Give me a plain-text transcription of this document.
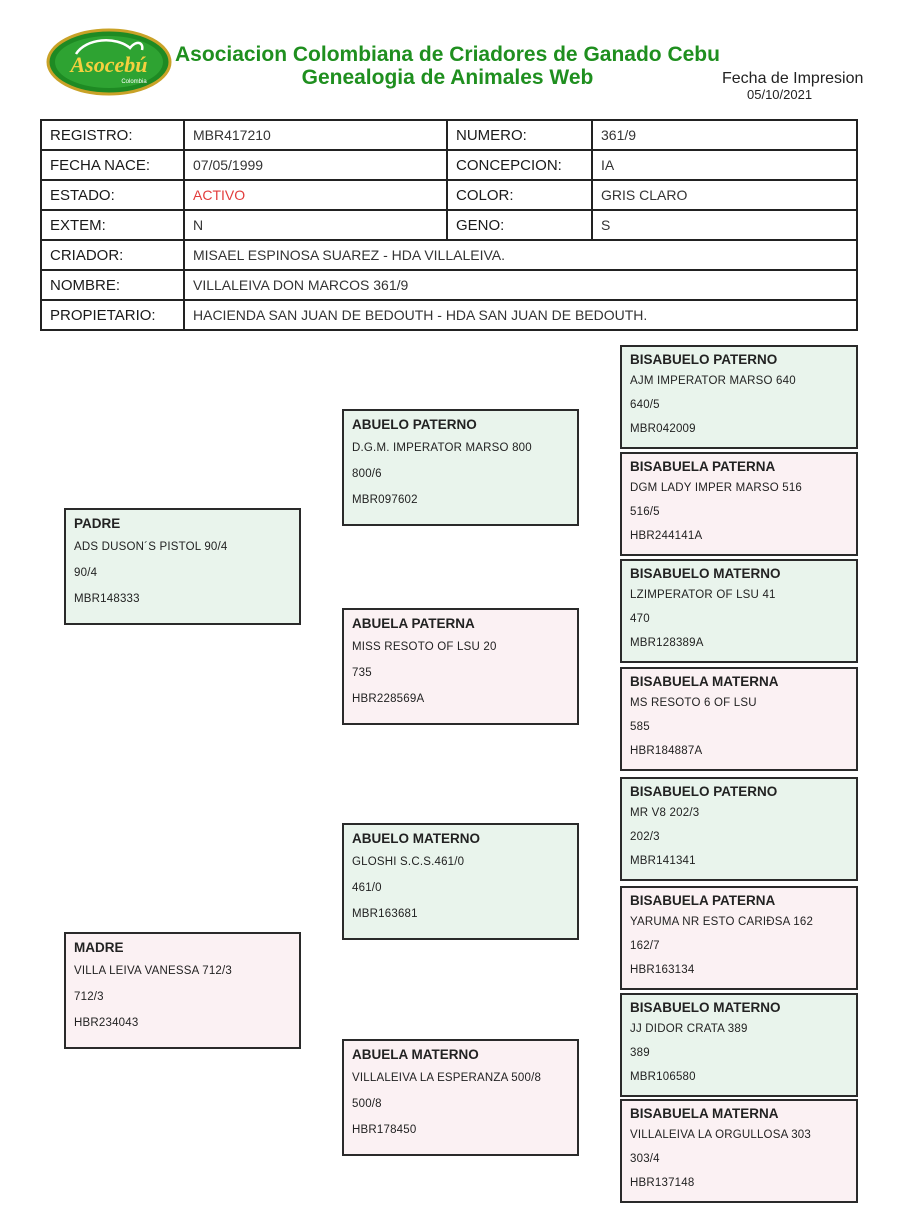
Asocebú
Colombia
Asociacion Colombiana de Criadores de Ganado Cebu
Genealogia de Animales Web	Fecha de Impresion
05/10/2021
REGISTRO:	MBR417210	NUMERO:	361/9
FECHA NACE:	07/05/1999	CONCEPCION:	IA
ESTADO:	ACTIVO	COLOR:	GRIS CLARO
EXTEM:	N	GENO:	S
CRIADOR:	MISAEL ESPINOSA SUAREZ - HDA VILLALEIVA.		
NOMBRE:	VILLALEIVA DON MARCOS 361/9		
PROPIETARIO:	HACIENDA SAN JUAN DE BEDOUTH - HDA SAN JUAN DE BEDOUTH.		
PADRE
ADS DUSON´S PISTOL 90/4
90/4
MBR148333
MADRE
VILLA LEIVA VANESSA 712/3
712/3
HBR234043
ABUELO PATERNO
D.G.M. IMPERATOR MARSO 800
800/6
MBR097602
ABUELA PATERNA
MISS RESOTO OF LSU 20
735
HBR228569A
ABUELO MATERNO
GLOSHI S.C.S.461/0
461/0
MBR163681
ABUELA MATERNO
VILLALEIVA LA ESPERANZA 500/8
500/8
HBR178450
BISABUELO PATERNO
AJM IMPERATOR MARSO 640
640/5
MBR042009
BISABUELA PATERNA
DGM LADY IMPER MARSO 516
516/5
HBR244141A
BISABUELO MATERNO
LZIMPERATOR OF LSU 41
470
MBR128389A
BISABUELA MATERNA
MS RESOTO 6 OF LSU
585
HBR184887A
BISABUELO PATERNO
MR V8 202/3
202/3
MBR141341
BISABUELA PATERNA
YARUMA NR ESTO CARIÐSA 162
162/7
HBR163134
BISABUELO MATERNO
JJ DIDOR CRATA 389
389
MBR106580
BISABUELA MATERNA
VILLALEIVA LA ORGULLOSA 303
303/4
HBR137148
